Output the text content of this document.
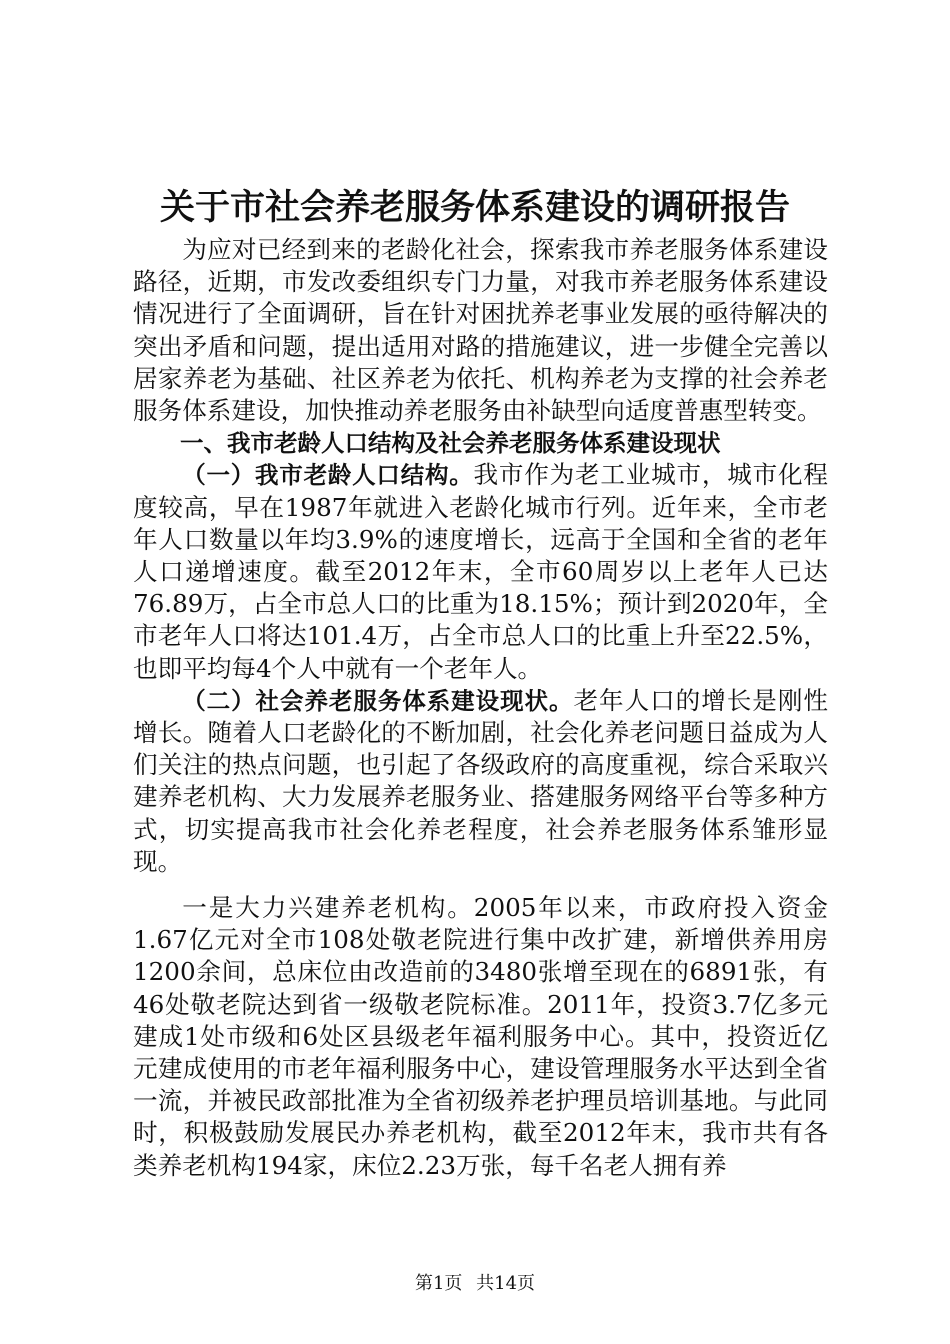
关于市社会养老服务体系建设的调研报告

为应对已经到来的老龄化社会，探索我市养老服务体系建设路径，近期，市发改委组织专门力量，对我市养老服务体系建设情况进行了全面调研，旨在针对困扰养老事业发展的亟待解决的突出矛盾和问题，提出适用对路的措施建议，进一步健全完善以居家养老为基础、社区养老为依托、机构养老为支撑的社会养老服务体系建设，加快推动养老服务由补缺型向适度普惠型转变。

一、我市老龄人口结构及社会养老服务体系建设现状

（一）我市老龄人口结构。我市作为老工业城市，城市化程度较高，早在1987年就进入老龄化城市行列。近年来，全市老年人口数量以年均3.9%的速度增长，远高于全国和全省的老年人口递增速度。截至2012年末，全市60周岁以上老年人已达76.89万，占全市总人口的比重为18.15%；预计到2020年，全市老年人口将达101.4万，占全市总人口的比重上升至22.5%，也即平均每4个人中就有一个老年人。

（二）社会养老服务体系建设现状。老年人口的增长是刚性增长。随着人口老龄化的不断加剧，社会化养老问题日益成为人们关注的热点问题，也引起了各级政府的高度重视，综合采取兴建养老机构、大力发展养老服务业、搭建服务网络平台等多种方式，切实提高我市社会化养老程度，社会养老服务体系雏形显现。

一是大力兴建养老机构。2005年以来，市政府投入资金1.67亿元对全市108处敬老院进行集中改扩建，新增供养用房1200余间，总床位由改造前的3480张增至现在的6891张，有46处敬老院达到省一级敬老院标准。2011年，投资3.7亿多元建成1处市级和6处区县级老年福利服务中心。其中，投资近亿元建成使用的市老年福利服务中心，建设管理服务水平达到全省一流，并被民政部批准为全省初级养老护理员培训基地。与此同时，积极鼓励发展民办养老机构，截至2012年末，我市共有各类养老机构194家，床位2.23万张，每千名老人拥有养

第1页 共14页
